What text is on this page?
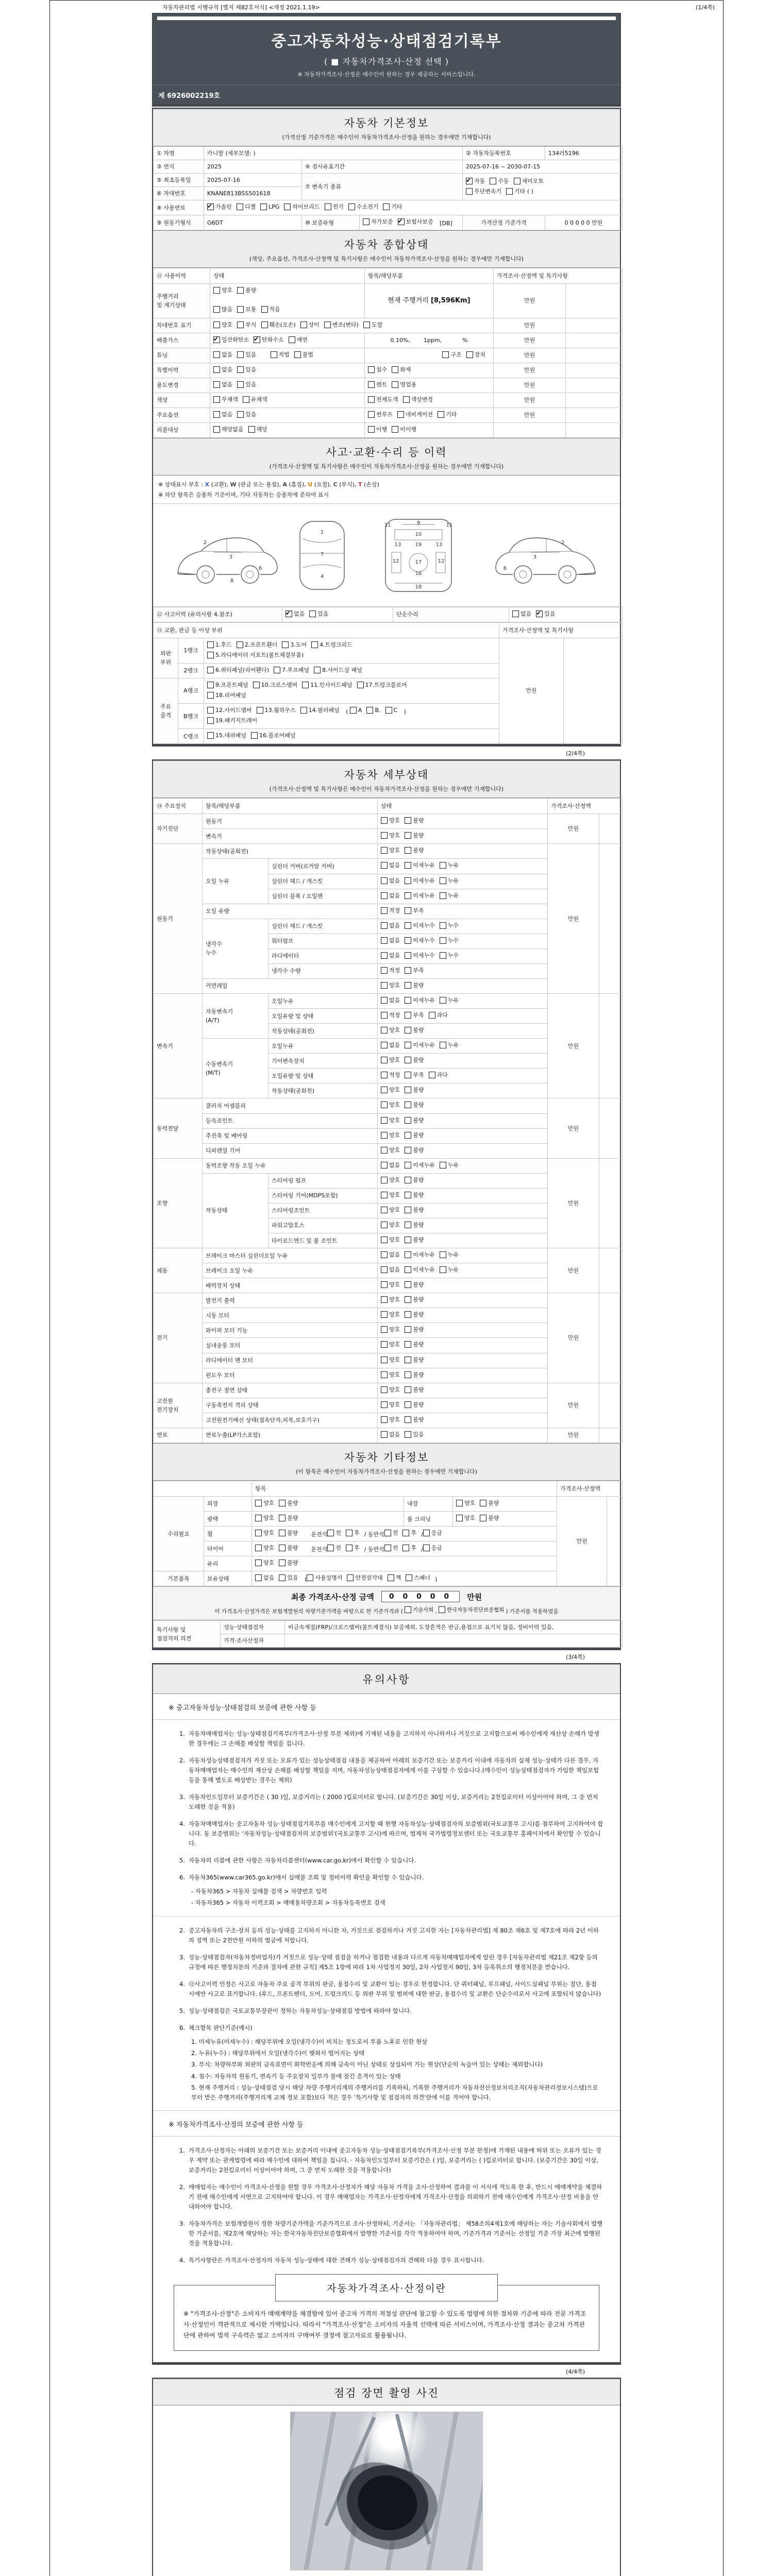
자동차관리법 시행규칙 [별지 제82호서식] <개정 2021.1.19>	(1/4쪽)
중고자동차성능·상태점검기록부
( ■ 자동차가격조사·산정 선택 )
※ 자동차가격조사·산정은 매수인이 원하는 경우 제공하는 서비스입니다.
제 6926002219호
자동차 기본정보
(가격산정 기준가격은 매수인이 자동차가격조사·산정을 원하는 경우에만 기재합니다)
① 차명	카니발 (세부모델: )			② 자동차등록번호	134러5196
③ 연식	2025	④ 검사유효기간		2025-07-16 ~ 2030-07-15	
⑤ 최초등록일	2025-07-16	⑦ 변속기 종류	
✔
자동 수동 세미오토

무단변속기 기타 ( )

⑥ 차대번호	KNANE813BSS501618				
⑧ 사용연료	
✔가솔린 디젤 LPG 하이브리드 전기 수소전기 기타

⑨ 원동기형식	G6DT	⑩ 보증유형	자가보증 ✔ 보험사보증 [DB]	가격산정 기준가격	0 0 0 0 0 만원
자동차 종합상태
(색상, 주요옵션, 가격조사·산정액 및 특기사항은 매수인이 자동차가격조사·산정을 원하는 경우에만 기재합니다)
⑪ 사용이력	상태	항목/해당부품	가격조사·산정액 및 특기사항	
주행거리
및 계기상태	양호 불량

많음 보통 적음	현재 주행거리 [8,596Km]	만원	
차대번호 표기	양호 부식 훼손(오손) 상이 변조(변타) 도말	만원	
배출가스	
✔일산화탄소 ✔ 탄화수소 매연	0.10%, 1ppm, %	만원	
튜닝	없음 있음 적법 불법	구조 장치	만원	
특별이력	없음 있음	침수 화재	만원	
용도변경	없음 있음	렌트 영업용	만원	
색상	무채색 유채색	전체도색 색상변경	만원	
주요옵션	없음 있음	썬루프 네비게이션 기타	만원	
리콜대상	해당없음 해당	이행 미이행		

사고·교환·수리 등 이력
(가격조사·산정액 및 특기사항은 매수인이 자동차가격조사·산정을 원하는 경우에만 기재합니다)
※ 상태표시 부호 : X (교환), W (판금 또는 용접), A (흠집), U (요철), C (부식), T (손상)
※ 하단 항목은 승용차 기준이며, 기타 자동차는 승용차에 준하여 표시
2
3
6
8
1
7
4
11	9	11
10
13	19	13
12	17	12
16
18
6
3
2
⑫ 사고이력 (유의사항 4.참조)	
✔없음 있음	단순수리	없음 ✔ 있음
⑬ 교환, 판금 등 이상 부위			가격조사·산정액 및 특기사항	
외판
부위	1랭크	1.후드 2.프론트휀더 3.도어 4.트렁크리드

5.라디에이터 서포트(볼트체결부품)	만원	
	2랭크	6.쿼터패널(리어휀다) 7.루프패널 8.사이드실 패널		

주요
골격	A랭크	9.프론트패널 10.크로스멤버 11.인사이드패널 17.트렁크플로어

18.리어패널		

B랭크	
12.사이드멤버 13.휠하우스 14.필러패널 ( A B, C )

19.패키지트레이

	C랭크	15.대쉬패널 16.플로어패널		
(2/4쪽)
자동차 세부상태
(가격조사·산정액 및 특기사항은 매수인이 자동차가격조사·산정을 원하는 경우에만 기재합니다)
⑭ 주요장치	항목/해당부품		상태	가격조사·산정액	
자기진단	원동기		양호 불량	만원	
	변속기		양호 불량		

원동기	작동상태(공회전)		양호 불량	만원	
	오일 누유	실린더 커버(로커암 커버)	없음 미세누유 누유		

		실린더 헤드 / 개스킷	없음 미세누유 누유		

		실린더 블록 / 오일팬	없음 미세누유 누유		

	오일 유량		적정 부족		

	냉각수
누수	실린더 헤드 / 개스킷	없음 미세누수 누수		

		워터펌프	없음 미세누수 누수		

		라디에이터	없음 미세누수 누수		

		냉각수 수량	적정 부족		

	커먼레일		양호 불량		

변속기	자동변속기
(A/T)	오일누유	없음 미세누유 누유	만원	
		오일유량 및 상태	적정 부족 과다		

		작동상태(공회전)	양호 불량		

	수동변속기
(M/T)	오일누유	없음 미세누유 누유		

		기어변속장치	양호 불량		

		오일유량 및 상태	적정 부족 과다		

		작동상태(공회전)	양호 불량		

동력전달	클러치 어셈블리		양호 불량	만원	
	등속죠인트		양호 불량		

	추진축 및 베어링		양호 불량		

	디퍼렌셜 기어		양호 불량		

조향	동력조향 작동 오일 누유		없음 미세누유 누유	만원	
	작동상태	스티어링 펌프	양호 불량		

		스티어링 기어(MDPS포함)	양호 불량		

		스티어링조인트	양호 불량		

		파워고압호스	양호 불량		

		타이로드엔드 및 볼 조인트	양호 불량		

제동	브레이크 마스터 실린더오일 누유		없음 미세누유 누유	만원	
	브레이크 오일 누유		없음 미세누유 누유		

	배력장치 상태		양호 불량		

전기	발전기 출력		양호 불량	만원	
	시동 모터		양호 불량		

	와이퍼 모터 기능		양호 불량		

	실내송풍 모터		양호 불량		

	라디에이터 팬 모터		양호 불량		

	윈도우 모터		양호 불량		

고전원
전기장치	충전구 절연 상태		양호 불량	만원	
	구동축전지 격리 상태		양호 불량		

	고전원전기배선 상태(접속단자,피복,보호기구)		양호 불량		

연료	연료누출(LP가스포함)		없음 있음	만원	
자동차 기타정보
(이 항목은 매수인이 자동차가격조사·산정을 원하는 경우에만 기재합니다)
		항목			가격조사·산정액	
수리필요	외장	양호 불량	내장	양호 불량	만원	
	광택	양호 불량	룸 크리닝	양호 불량		

휠	양호 불량 운전석 전 후 / 동반석 전 후 / 응급

타이어	양호 불량 운전석 전 후 / 동반석 전 후 / 응급

	유리	양호 불량				

기본품목	보유상태	없음 있음 ( 사용설명서 안전삼각대 잭 스패너 )
최종 가격조사·산정 금액	0 0 0 0 0	만원
이 가격조사·산정가격은 보험개발원의 차량기준가액을 바탕으로 한 기준가격과 ( 기술사회 , 한국자동차진단보증협회 ) 기준서를 적용하였음
특기사항 및
점검자의 의견	성능·상태점검자	비금속재질(FRP)/크로스멤버(볼트체결식) 보증제외, 도장흔적은 판금,용접으로 표기치 않음, 정비이력 있음,
	가격·조사산정자	
(3/4쪽)
유의사항
※ 중고자동차성능·상태점검의 보증에 관한 사항 등
1. 자동차매매업자는 성능·상태점검기록부(가격조사·산정 부분 제외)에 기재된 내용을 고지하지 아니하거나 거짓으로 고지함으로써 매수인에게 재산상 손해가 발생한 경우에는 그 손해를 배상할 책임을 집니다.
2. 자동차성능상태점검자가 거짓 또는 오류가 있는 성능상태점검 내용을 제공하여 아래의 보증기간 또는 보증거리 이내에 자동차의 실제 성능·상태가 다른 경우, 자동차매매업자는 매수인의 재산상 손해를 배상할 책임을 지며, 자동차성능상태점검자에게 이를 구상할 수 있습니다.(매수인이 성능상태점검자가 가입한 책임보험 등을 통해 별도로 배상받는 경우는 제외)
3. 자동차인도일부터 보증기간은 ( 30 )일, 보증거리는 ( 2000 )킬로미터로 합니다. (보증기간은 30일 이상, 보증거리는 2천킬로미터 이상이어야 하며, 그 중 먼저 도래한 것을 적용)
4. 자동차매매업자는 중고자동차 성능·상태점검기록부를 매수인에게 고지할 때 현행 자동차성능·상태점검자의 보증범위(국토교통부 고시)를 첨부하여 고지하여야 합니다. 동 보증범위는 '자동차성능·상태점검자의 보증범위'(국토교통부 고시)에 따르며, 법제처 국가법령정보센터 또는 국토교통부 홈페이지에서 확인할 수 있습니다.
5. 자동차의 리콜에 관한 사항은 자동차리콜센터(www.car.go.kr)에서 확인할 수 있습니다.
6. 자동차365(www.car365.go.kr)에서 실매물 조회 및 정비이력 확인을 확인할 수 있습니다.
- 자동차365 > 자동차 실매물 검색 > 차량번호 입력
- 자동차365 > 자동차 이력조회 > 매매용차량조회 > 자동차등록번호 검색
2. 중고자동차의 구조·장치 등의 성능·상태를 고지하지 아니한 자, 거짓으로 점검하거나 거짓 고지한 자는 [자동차관리법] 제 80조 제6호 및 제7호에 따라 2년 이하의 징역 또는 2천만원 이하의 벌금에 처합니다.
3. 성능·상태점검자(자동차정비업자)가 거짓으로 성능·상태 점검을 하거나 점검한 내용과 다르게 자동차매매업자에게 알린 경우 [자동차관리법 제21조 제2항 등의 규정에 따른 행정처분의 기준과 절차에 관한 규칙] 제5조 1항에 따라 1차 사업정지 30일, 2차 사업정지 90일, 3차 등록취소의 행정처분을 받습니다.
4. ⑫사고이력 인정은 사고로 자동차 주요 골격 부위의 판금, 용접수리 및 교환이 있는 경우로 한정합니다. 단 쿼터패널, 루프패널, 사이드실패널 부위는 절단, 용접 시에만 사고로 표기합니다. (후드, 프론트펜더, 도어, 트렁크리드 등 외판 부위 및 범퍼에 대한 판금, 용접수리 및 교환은 단순수리로서 사고에 포함되지 않습니다)
5. 성능·상태점검은 국토교통부장관이 정하는 자동차성능·상태점검 방법에 따라야 합니다.
6. 체크항목 판단기준(예시)
1. 미세누유(미세누수) : 해당부위에 오일(냉각수)이 비치는 정도로서 부품 노후로 인한 현상
2. 누유(누수) : 해당부위에서 오일(냉각수)이 맺혀서 떨어지는 상태
3. 부식: 차량하부와 외판의 금속표면이 화학반응에 의해 금속이 아닌 상태로 상실되어 가는 현상(단순히 녹슬어 있는 상태는 제외합니다)
4. 침수: 자동차의 원동기, 변속기 등 주요장치 일부가 물에 잠긴 흔적이 있는 상태
5. 현재 주행거리 : 성능·상태점검 당시 해당 차량 주행거리계의 주행거리를 기록하되, 기록한 주행거리가 자동차전산정보처리조직(자동차관리정보시스템)으로부터 받은 주행거리(주행거리계 교체 정보 포함)보다 적은 경우 '특기사항 및 점검자의 의견'란에 이를 적어야 합니다.
※ 자동차가격조사·산정의 보증에 관한 사항 등
1. 가격조사·산정자는 아래의 보증기간 또는 보증거리 이내에 중고자동차 성능·상태점검기록부(가격조사·산정 부분 한정)에 기재된 내용에 허위 또는 오류가 있는 경우 계약 또는 관계법령에 따라 매수인에 대하여 책임을 집니다. · 자동차인도일부터 보증기간은 ( )일, 보증거리는 ( )킬로미터로 합니다. (보증기간은 30일 이상, 보증거리는 2천킬로미터 이상이어야 하며, 그 중 먼저 도래한 것을 적용합니다)
2. 매매업자는 매수인이 가격조사·산정을 원할 경우 가격조사·산정자가 해당 자동차 가격을 조사·산정하여 결과를 이 서식에 적도록 한 후, 반드시 매매계약을 체결하기 전에 매수인에게 서면으로 고지하여야 합니다. 이 경우 매매업자는 가격조사·산정자에게 가격조사·산정을 의뢰하기 전에 매수인에게 가격조사·산정 비용을 안내하여야 합니다.
3. 자동차가격은 보험개발원이 정한 차량기준가액을 기준가격으로 조사·산정하되, 기준서는 「자동차관리법」 제58조의4제1호에 해당하는 자는 기술사회에서 발행한 기준서를, 제2호에 해당하는 자는 한국자동차진단보증협회에서 발행한 기준서를 각각 적용하여야 하며, 기준가격과 기준서는 산정일 기준 가장 최근에 발행된 것을 적용합니다.
4. 특기사항란은 가격조사·산정자의 자동차 성능·상태에 대한 견해가 성능·상태점검자의 견해와 다를 경우 표시합니다.
자동차가격조사·산정이란
※ "가격조사·산정"은 소비자가 매매계약을 체결함에 있어 중고차 가격의 적절성 판단에 참고할 수 있도록 법령에 의한 절차와 기준에 따라 전문 가격조사·산정인이 객관적으로 제시한 가액입니다. 따라서 "가격조사·산정"은 소비자의 자율적 선택에 따른 서비스이며, 가격조사·산정 결과는 중고차 가격판단에 관하여 법적 구속력은 없고 소비자의 구매여부 결정에 참고자료로 활용됩니다.
(4/4쪽)
점검 장면 촬영 사진
